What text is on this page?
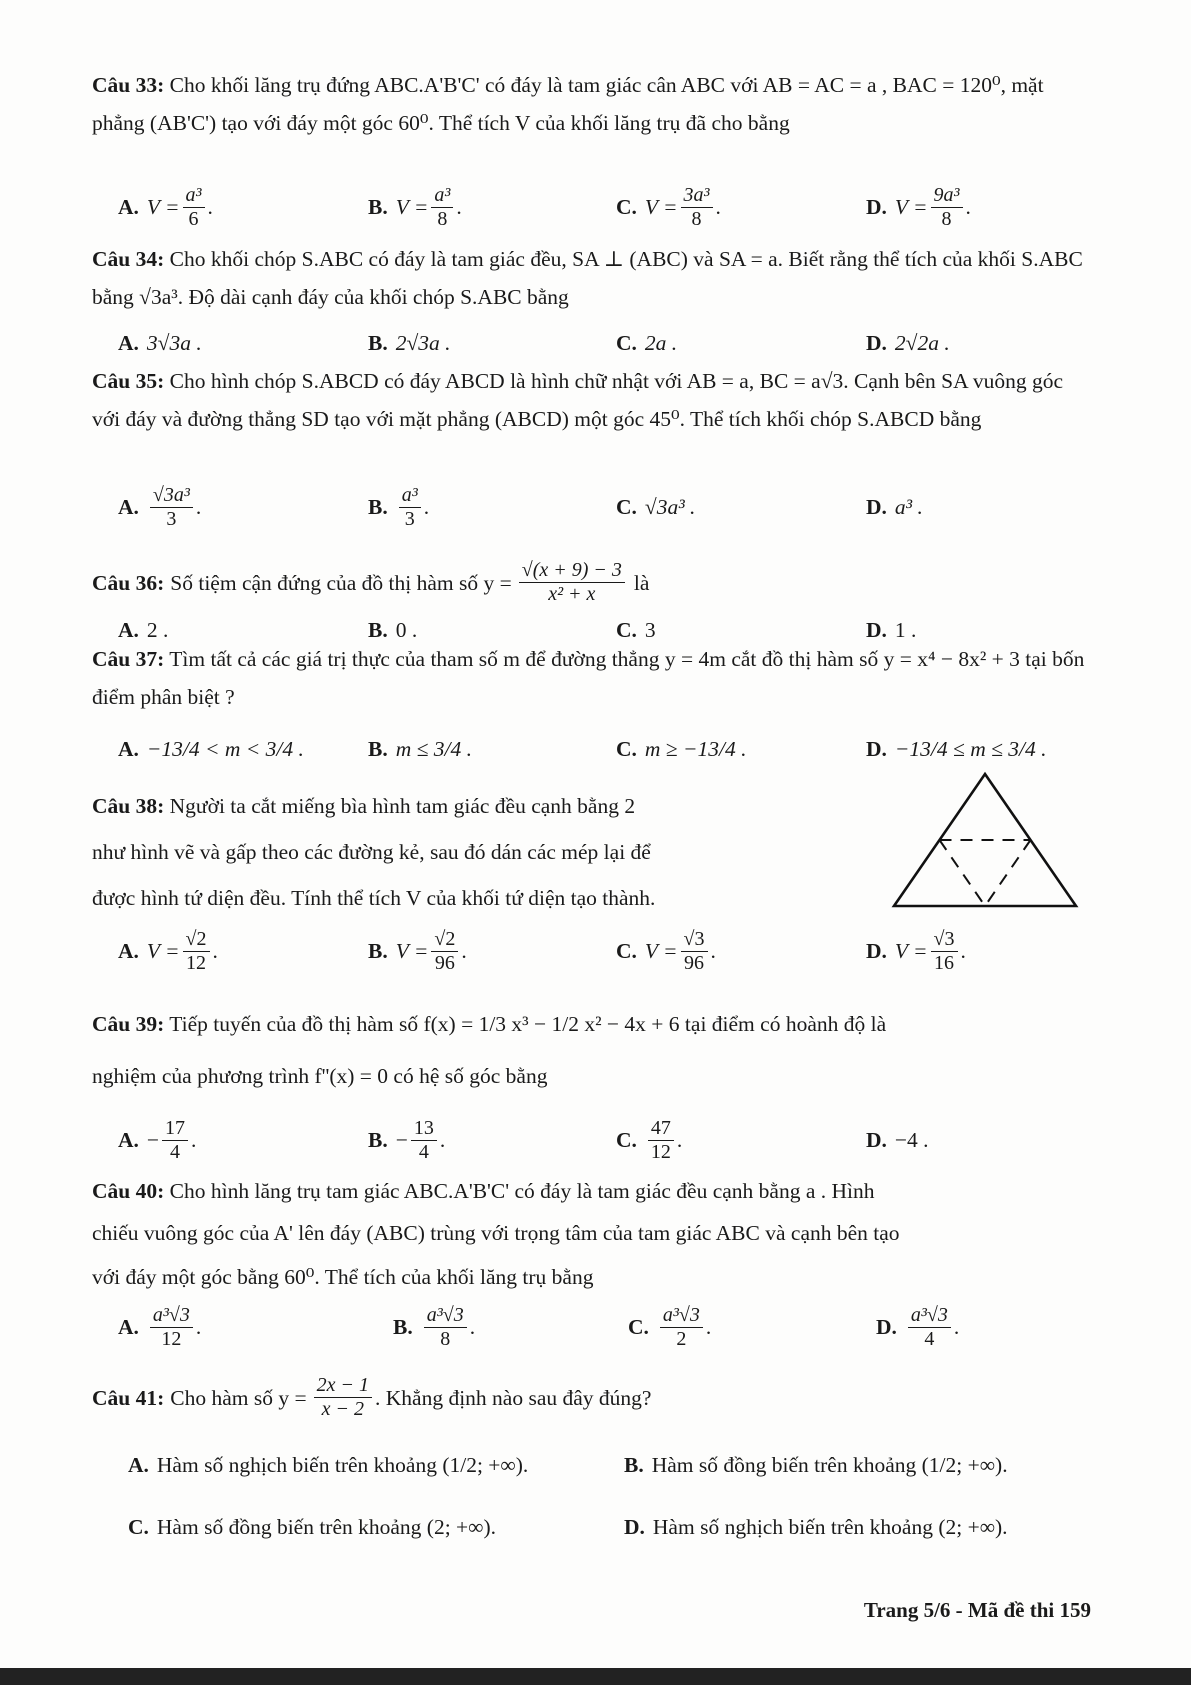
Câu 33: Cho khối lăng trụ đứng ABC.A'B'C' có đáy là tam giác cân ABC với AB = AC = a , BAC = 120⁰, mặt phẳng (AB'C') tạo với đáy một góc 60⁰. Thể tích V của khối lăng trụ đã cho bằng
A. $V = \frac{\text{a³}}{6}$ .	B. $V = \frac{\text{a³}}{8}$ .	C. $V = \frac{\text{3a³}}{8}$ .	D. $V = \frac{\text{9a³}}{8}$ .
Câu 34: Cho khối chóp S.ABC có đáy là tam giác đều, SA ⊥ (ABC) và SA = a. Biết rằng thể tích của khối S.ABC bằng √3a³. Độ dài cạnh đáy của khối chóp S.ABC bằng
A. 3√3a .	B. 2√3a .	C. 2a .	D. 2√2a .
Câu 35: Cho hình chóp S.ABCD có đáy ABCD là hình chữ nhật với AB = a, BC = a√3. Cạnh bên SA vuông góc với đáy và đường thẳng SD tạo với mặt phẳng (ABCD) một góc 45⁰. Thể tích khối chóp S.ABCD bằng
A. $\frac{\text{√3a³}}{3}$ .	B. $\frac{\text{a³}}{3}$ .	C. √3a³ .	D. a³ .
Câu 36: Số tiệm cận đứng của đồ thị hàm số $y = \frac{√(x + 9) - 3}{\text{x² + x}}$ là
A. 2 .	B. 0 .	C. 3	D. 1 .
Câu 37: Tìm tất cả các giá trị thực của tham số m để đường thẳng y = 4m cắt đồ thị hàm số y = x⁴ − 8x² + 3 tại bốn điểm phân biệt ?
A. −13/4 < m < 3/4 .	B. m ≤ 3/4 .	C. m ≥ −13/4 .	D. −13/4 ≤ m ≤ 3/4 .
Câu 38: Người ta cắt miếng bìa hình tam giác đều cạnh bằng 2
như hình vẽ và gấp theo các đường kẻ, sau đó dán các mép lại để
được hình tứ diện đều. Tính thể tích V của khối tứ diện tạo thành.
A. $V = \frac{√2}{12}$ .	B. $V = \frac{√2}{96}$ .	C. $V = \frac{√3}{96}$ .	D. $V = \frac{√3}{16}$ .
Câu 39: Tiếp tuyến của đồ thị hàm số f(x) = 1/3 x³ − 1/2 x² − 4x + 6 tại điểm có hoành độ là
nghiệm của phương trình f''(x) = 0 có hệ số góc bằng
A. − $\frac{17}{4}$ .	B. − $\frac{13}{4}$ .	C. $\frac{47}{12}$ .	D. −4 .
Câu 40: Cho hình lăng trụ tam giác ABC.A'B'C' có đáy là tam giác đều cạnh bằng a . Hình
chiếu vuông góc của A' lên đáy (ABC) trùng với trọng tâm của tam giác ABC và cạnh bên tạo
với đáy một góc bằng 60⁰. Thể tích của khối lăng trụ bằng
A. $\frac{\text{a³√3}}{12}$ .	B. $\frac{\text{a³√3}}{8}$ .	C. $\frac{\text{a³√3}}{2}$ .	D. $\frac{\text{a³√3}}{4}$ .
Câu 41: Cho hàm số $y = \frac{2x - 1}{x - 2}$ . Khẳng định nào sau đây đúng?
A. Hàm số nghịch biến trên khoảng (1/2; +∞).	B. Hàm số đồng biến trên khoảng (1/2; +∞).
C. Hàm số đồng biến trên khoảng (2; +∞).	D. Hàm số nghịch biến trên khoảng (2; +∞).
Trang 5/6 - Mã đề thi 159
